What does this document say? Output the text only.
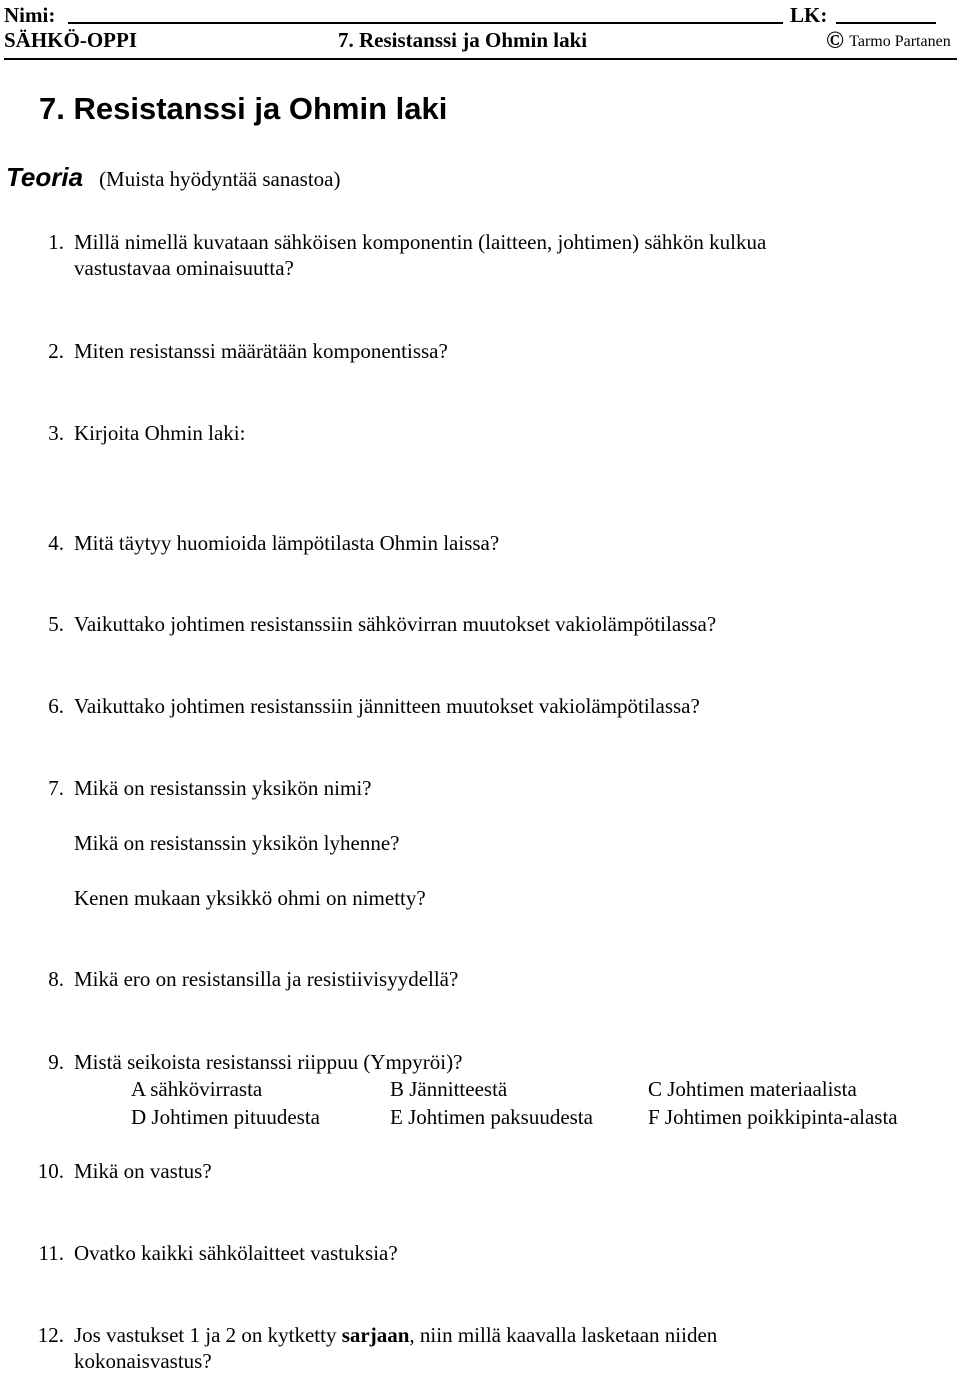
Nimi:	LK:
SÄHKÖ-OPPI	7. Resistanssi ja Ohmin laki	© Tarmo Partanen
7. Resistanssi ja Ohmin laki
Teoria (Muista hyödyntää sanastoa)
1. Millä nimellä kuvataan sähköisen komponentin (laitteen, johtimen) sähkön kulkua
vastustavaa ominaisuutta?
2. Miten resistanssi määrätään komponentissa?
3. Kirjoita Ohmin laki:
4. Mitä täytyy huomioida lämpötilasta Ohmin laissa?
5. Vaikuttako johtimen resistanssiin sähkövirran muutokset vakiolämpötilassa?
6. Vaikuttako johtimen resistanssiin jännitteen muutokset vakiolämpötilassa?
7. Mikä on resistanssin yksikön nimi?
Mikä on resistanssin yksikön lyhenne?
Kenen mukaan yksikkö ohmi on nimetty?
8. Mikä ero on resistansilla ja resistiivisyydellä?
9. Mistä seikoista resistanssi riippuu (Ympyröi)?
A sähkövirrasta	B Jännitteestä	C Johtimen materiaalista
D Johtimen pituudesta	E Johtimen paksuudesta	F Johtimen poikkipinta-alasta
10. Mikä on vastus?
11. Ovatko kaikki sähkölaitteet vastuksia?
12. Jos vastukset 1 ja 2 on kytketty sarjaan, niin millä kaavalla lasketaan niiden
kokonaisvastus?
